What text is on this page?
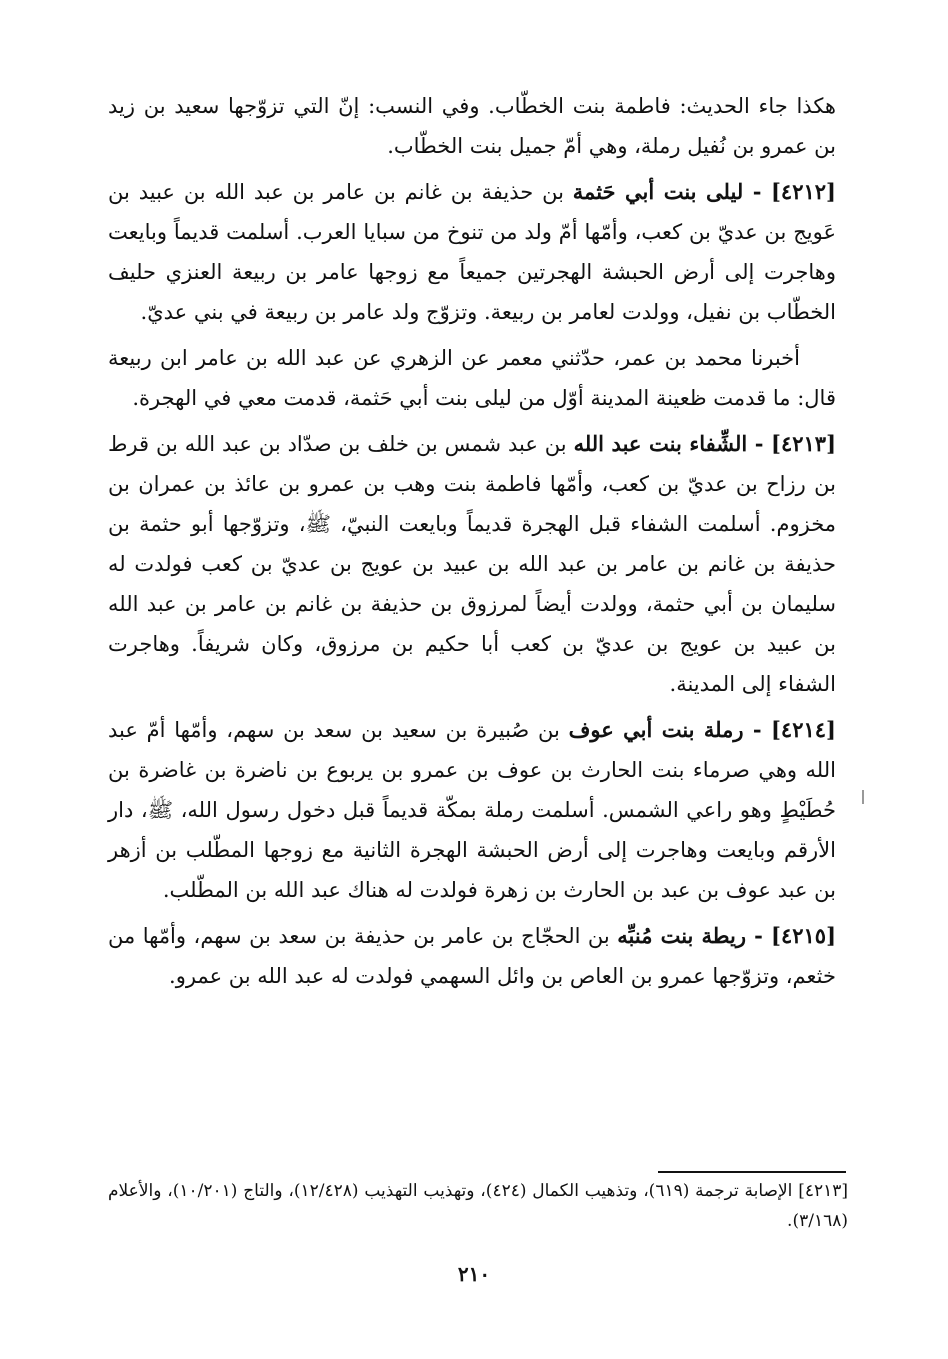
هكذا جاء الحديث: فاطمة بنت الخطّاب. وفي النسب: إنّ التي تزوّجها سعيد بن زيد بن عمرو بن نُفيل رملة، وهي أمّ جميل بنت الخطّاب.

[٤٢١٢] - ليلى بنت أبي حَثمة بن حذيفة بن غانم بن عامر بن عبد الله بن عبيد بن عَويج بن عديّ بن كعب، وأمّها أمّ ولد من تنوخ من سبايا العرب. أسلمت قديماً وبايعت وهاجرت إلى أرض الحبشة الهجرتين جميعاً مع زوجها عامر بن ربيعة العنزي حليف الخطّاب بن نفيل، وولدت لعامر بن ربيعة. وتزوّج ولد عامر بن ربيعة في بني عديّ.

أخبرنا محمد بن عمر، حدّثني معمر عن الزهري عن عبد الله بن عامر ابن ربيعة قال: ما قدمت ظعينة المدينة أوّل من ليلى بنت أبي حَثمة، قدمت معي في الهجرة.

[٤٢١٣] - الشِّفاء بنت عبد الله بن عبد شمس بن خلف بن صدّاد بن عبد الله بن قرط بن رزاح بن عديّ بن كعب، وأمّها فاطمة بنت وهب بن عمرو بن عائذ بن عمران بن مخزوم. أسلمت الشفاء قبل الهجرة قديماً وبايعت النبيّ، ﷺ، وتزوّجها أبو حثمة بن حذيفة بن غانم بن عامر بن عبد الله بن عبيد بن عويج بن عديّ بن كعب فولدت له سليمان بن أبي حثمة، وولدت أيضاً لمرزوق بن حذيفة بن غانم بن عامر بن عبد الله بن عبيد بن عويج بن عديّ بن كعب أبا حكيم بن مرزوق، وكان شريفاً. وهاجرت الشفاء إلى المدينة.

[٤٢١٤] - رملة بنت أبي عوف بن صُبيرة بن سعيد بن سعد بن سهم، وأمّها أمّ عبد الله وهي صرماء بنت الحارث بن عوف بن عمرو بن يربوع بن ناضرة بن غاضرة بن حُطَيْطٍ وهو راعي الشمس. أسلمت رملة بمكّة قديماً قبل دخول رسول الله، ﷺ، دار الأرقم وبايعت وهاجرت إلى أرض الحبشة الهجرة الثانية مع زوجها المطّلب بن أزهر بن عبد عوف بن عبد بن الحارث بن زهرة فولدت له هناك عبد الله بن المطّلب.

[٤٢١٥] - ريطة بنت مُنبِّه بن الحجّاج بن عامر بن حذيفة بن سعد بن سهم، وأمّها من خثعم، وتزوّجها عمرو بن العاص بن وائل السهمي فولدت له عبد الله بن عمرو.

[٤٢١٣] الإصابة ترجمة (٦١٩)، وتذهيب الكمال (٤٢٤)، وتهذيب التهذيب (١٢/٤٢٨)، والتاج (١٠/٢٠١)، والأعلام (٣/١٦٨).
٢١٠
